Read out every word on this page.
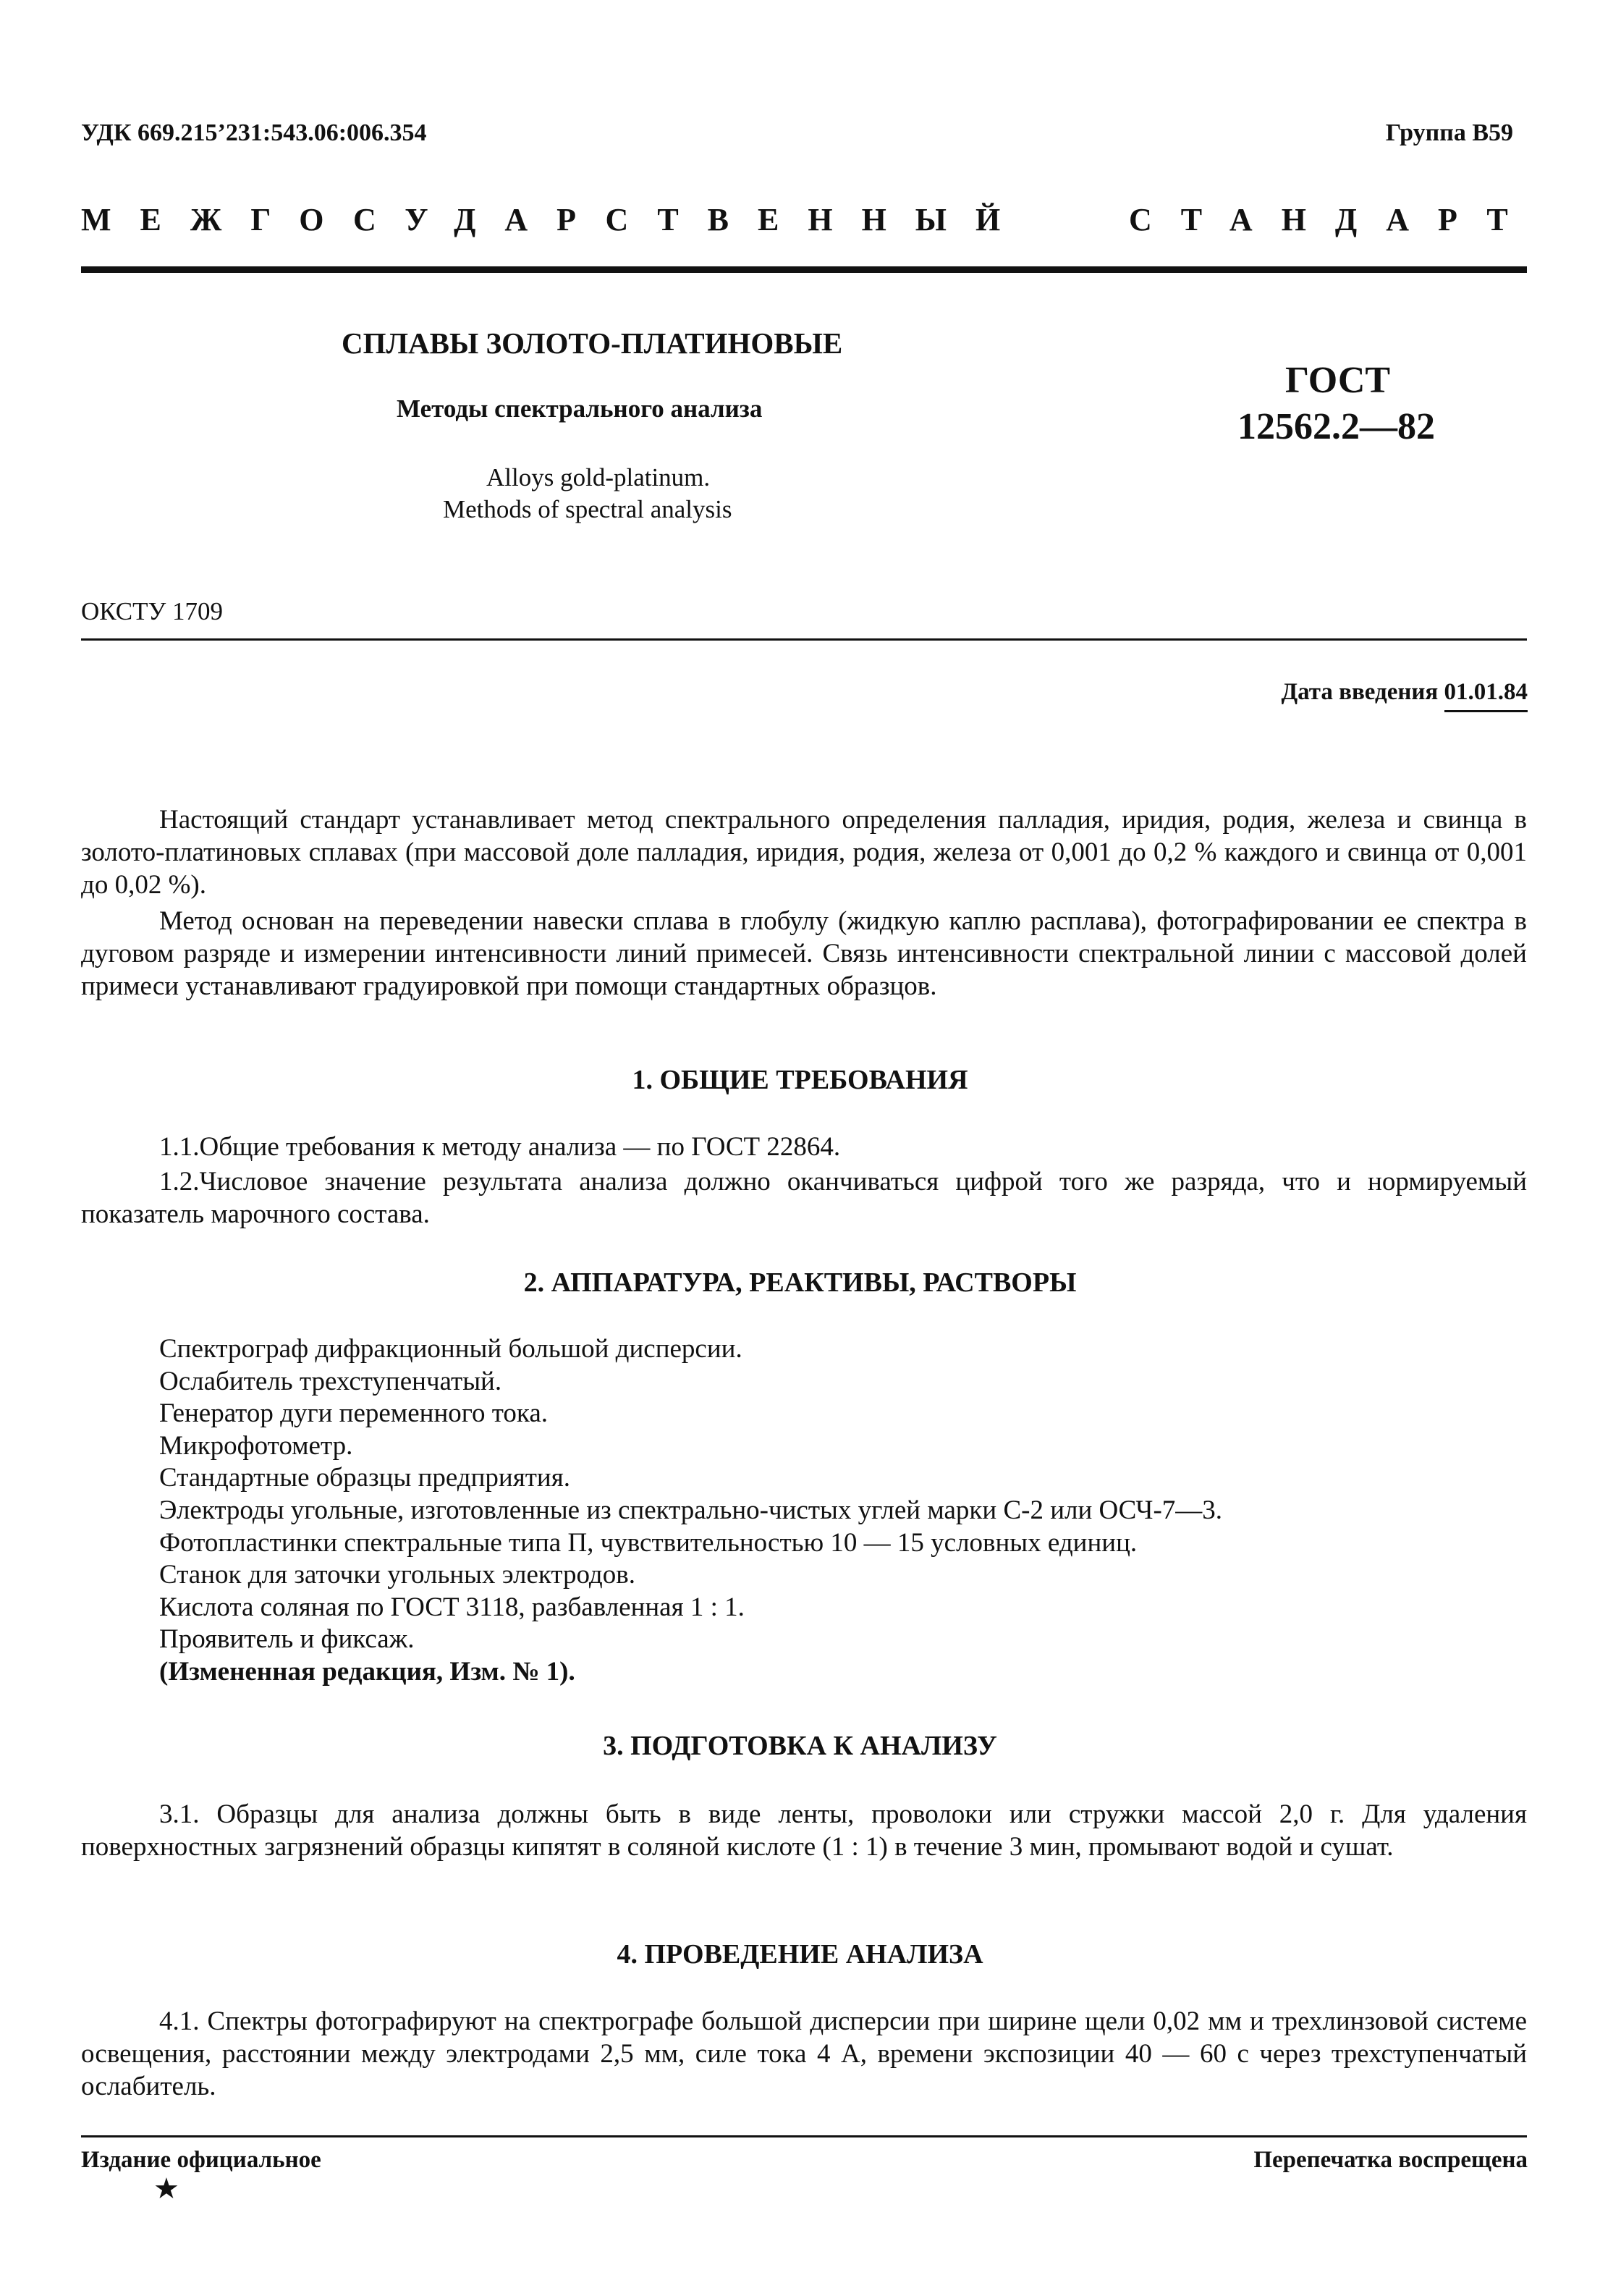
УДК 669.215’231:543.06:006.354	Группа В59
МЕЖГОСУДАРСТВЕННЫЙ	СТАНДАРТ
СПЛАВЫ ЗОЛОТО-ПЛАТИНОВЫЕ
Методы спектрального анализа
Alloys gold-platinum.
Methods of spectral analysis
ГОСТ
12562.2—82
ОКСТУ 1709
Дата введения 01.01.84

Настоящий стандарт устанавливает метод спектрального определения палладия, иридия, родия, железа и свинца в золото-платиновых сплавах (при массовой доле палладия, иридия, родия, железа от 0,001 до 0,2 % каждого и свинца от 0,001 до 0,02 %).

Метод основан на переведении навески сплава в глобулу (жидкую каплю расплава), фотографировании ее спектра в дуговом разряде и измерении интенсивности линий примесей. Связь интенсивности спектральной линии с массовой долей примеси устанавливают градуировкой при помощи стандартных образцов.

1. ОБЩИЕ ТРЕБОВАНИЯ

1.1.Общие требования к методу анализа — по ГОСТ 22864.

1.2.Числовое значение результата анализа должно оканчиваться цифрой того же разряда, что и нормируемый показатель марочного состава.

2. АППАРАТУРА, РЕАКТИВЫ, РАСТВОРЫ
Спектрограф дифракционный большой дисперсии.
Ослабитель трехступенчатый.
Генератор дуги переменного тока.
Микрофотометр.
Стандартные образцы предприятия.
Электроды угольные, изготовленные из спектрально-чистых углей марки С-2 или ОСЧ-7—3.
Фотопластинки спектральные типа П, чувствительностью 10 — 15 условных единиц.
Станок для заточки угольных электродов.
Кислота соляная по ГОСТ 3118, разбавленная 1 : 1.
Проявитель и фиксаж.
(Измененная редакция, Изм. № 1).
3. ПОДГОТОВКА К АНАЛИЗУ

3.1. Образцы для анализа должны быть в виде ленты, проволоки или стружки массой 2,0 г. Для удаления поверхностных загрязнений образцы кипятят в соляной кислоте (1 : 1) в течение 3 мин, промывают водой и сушат.

4. ПРОВЕДЕНИЕ АНАЛИЗА

4.1. Спектры фотографируют на спектрографе большой дисперсии при ширине щели 0,02 мм и трехлинзовой системе освещения, расстоянии между электродами 2,5 мм, силе тока 4 А, времени экспозиции 40 — 60 с через трехступенчатый ослабитель.

Издание официальное
★
Перепечатка воспрещена
